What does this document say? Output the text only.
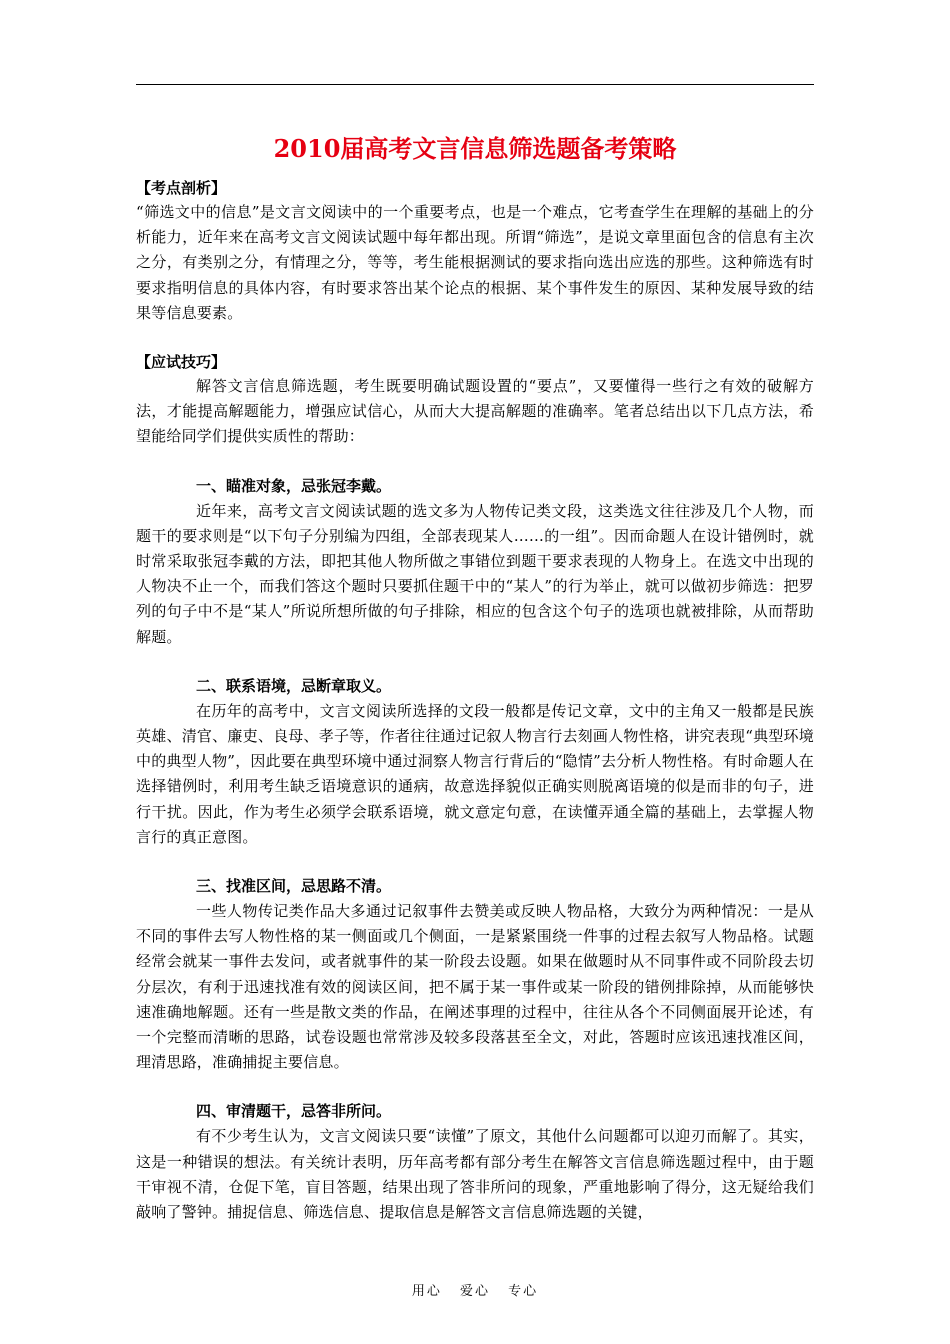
2010届高考文言信息筛选题备考策略
【考点剖析】

“筛选文中的信息”是文言文阅读中的一个重要考点，也是一个难点，它考查学生在理解的基础上的分析能力，近年来在高考文言文阅读试题中每年都出现。所谓“筛选”，是说文章里面包含的信息有主次之分，有类别之分，有情理之分，等等，考生能根据测试的要求指向选出应选的那些。这种筛选有时要求指明信息的具体内容，有时要求答出某个论点的根据、某个事件发生的原因、某种发展导致的结果等信息要素。

【应试技巧】

解答文言信息筛选题，考生既要明确试题设置的“要点”，又要懂得一些行之有效的破解方法，才能提高解题能力，增强应试信心，从而大大提高解题的准确率。笔者总结出以下几点方法，希望能给同学们提供实质性的帮助：

一、瞄准对象，忌张冠李戴。

近年来，高考文言文阅读试题的选文多为人物传记类文段，这类选文往往涉及几个人物，而题干的要求则是“以下句子分别编为四组，全部表现某人……的一组”。因而命题人在设计错例时，就时常采取张冠李戴的方法，即把其他人物所做之事错位到题干要求表现的人物身上。在选文中出现的人物决不止一个，而我们答这个题时只要抓住题干中的“某人”的行为举止，就可以做初步筛选：把罗列的句子中不是“某人”所说所想所做的句子排除，相应的包含这个句子的选项也就被排除，从而帮助解题。

二、联系语境，忌断章取义。

在历年的高考中，文言文阅读所选择的文段一般都是传记文章，文中的主角又一般都是民族英雄、清官、廉吏、良母、孝子等，作者往往通过记叙人物言行去刻画人物性格，讲究表现“典型环境中的典型人物”，因此要在典型环境中通过洞察人物言行背后的“隐情”去分析人物性格。有时命题人在选择错例时，利用考生缺乏语境意识的通病，故意选择貌似正确实则脱离语境的似是而非的句子，进行干扰。因此，作为考生必须学会联系语境，就文意定句意，在读懂弄通全篇的基础上，去掌握人物言行的真正意图。

三、找准区间，忌思路不清。

一些人物传记类作品大多通过记叙事件去赞美或反映人物品格，大致分为两种情况：一是从不同的事件去写人物性格的某一侧面或几个侧面，一是紧紧围绕一件事的过程去叙写人物品格。试题经常会就某一事件去发问，或者就事件的某一阶段去设题。如果在做题时从不同事件或不同阶段去切分层次，有利于迅速找准有效的阅读区间，把不属于某一事件或某一阶段的错例排除掉，从而能够快速准确地解题。还有一些是散文类的作品，在阐述事理的过程中，往往从各个不同侧面展开论述，有一个完整而清晰的思路，试卷设题也常常涉及较多段落甚至全文，对此，答题时应该迅速找准区间，理清思路，准确捕捉主要信息。

四、审清题干，忌答非所问。

有不少考生认为，文言文阅读只要“读懂”了原文，其他什么问题都可以迎刃而解了。其实，这是一种错误的想法。有关统计表明，历年高考都有部分考生在解答文言信息筛选题过程中，由于题干审视不清，仓促下笔，盲目答题，结果出现了答非所问的现象，严重地影响了得分，这无疑给我们敲响了警钟。捕捉信息、筛选信息、提取信息是解答文言信息筛选题的关键，

用心 爱心 专心
